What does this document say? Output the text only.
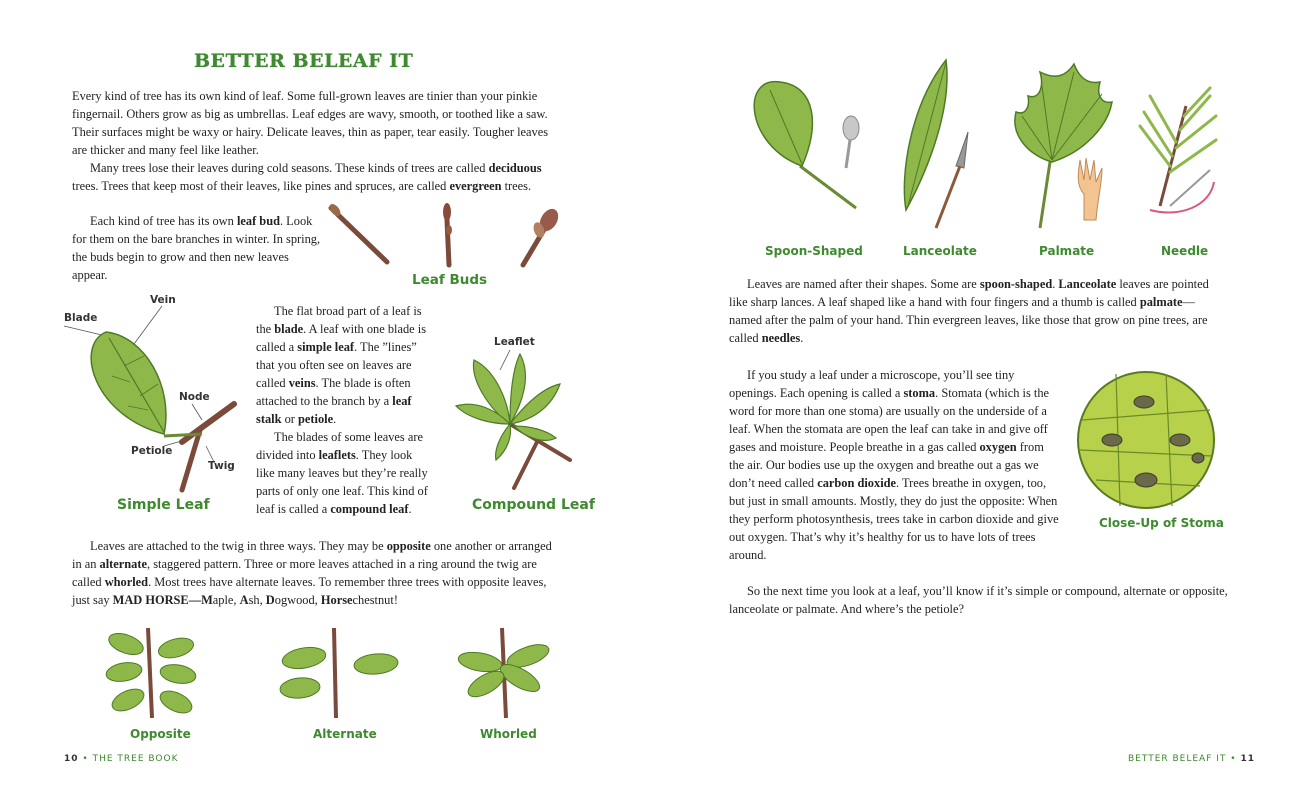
BETTER BELEAF IT

Every kind of tree has its own kind of leaf. Some full-grown leaves are tinier than your pinkie fingernail. Others grow as big as umbrellas. Leaf edges are wavy, smooth, or toothed like a saw. Their surfaces might be waxy or hairy. Delicate leaves, thin as paper, tear easily. Tougher leaves are thicker and many feel like leather.

Many trees lose their leaves during cold seasons. These kinds of trees are called deciduous trees. Trees that keep most of their leaves, like pines and spruces, are called evergreen trees.

Each kind of tree has its own leaf bud. Look for them on the bare branches in winter. In spring, the buds begin to grow and then new leaves appear.	Leaf Buds
Vein
Blade
Node
Petiole
Twig
Simple Leaf

The flat broad part of a leaf is the blade. A leaf with one blade is called a simple leaf. The ”lines” that you often see on leaves are called veins. The blade is often attached to the branch by a leaf stalk or petiole.

The blades of some leaves are divided into leaflets. They look like many leaves but they’re really parts of only one leaf. This kind of leaf is called a compound leaf.

Leaflet
Compound Leaf
Leaves are attached to the twig in three ways. They may be opposite one another or arranged in an alternate, staggered pattern. Three or more leaves attached in a ring around the twig are called whorled. Most trees have alternate leaves. To remember three trees with opposite leaves, just say MAD HORSE—Maple, Ash, Dogwood, Horsechestnut!
Opposite	Alternate	Whorled
10 • THE TREE BOOK
Spoon-Shaped	Lanceolate	Palmate	Needle
Leaves are named after their shapes. Some are spoon-shaped. Lanceolate leaves are pointed like sharp lances. A leaf shaped like a hand with four fingers and a thumb is called palmate— named after the palm of your hand. Thin evergreen leaves, like those that grow on pine trees, are called needles.
If you study a leaf under a microscope, you’ll see tiny openings. Each opening is called a stoma. Stomata (which is the word for more than one stoma) are usually on the underside of a leaf. When the stomata are open the leaf can take in and give off gases and moisture. People breathe in a gas called oxygen from the air. Our bodies use up the oxygen and breathe out a gas we don’t need called carbon dioxide. Trees breathe in oxygen, too, but just in small amounts. Mostly, they do just the opposite: When they perform photosynthesis, trees take in carbon dioxide and give out oxygen. That’s why it’s healthy for us to have lots of trees around.
Close-Up of Stoma
So the next time you look at a leaf, you’ll know if it’s simple or compound, alternate or opposite, lanceolate or palmate. And where’s the petiole?
BETTER BELEAF IT • 11
